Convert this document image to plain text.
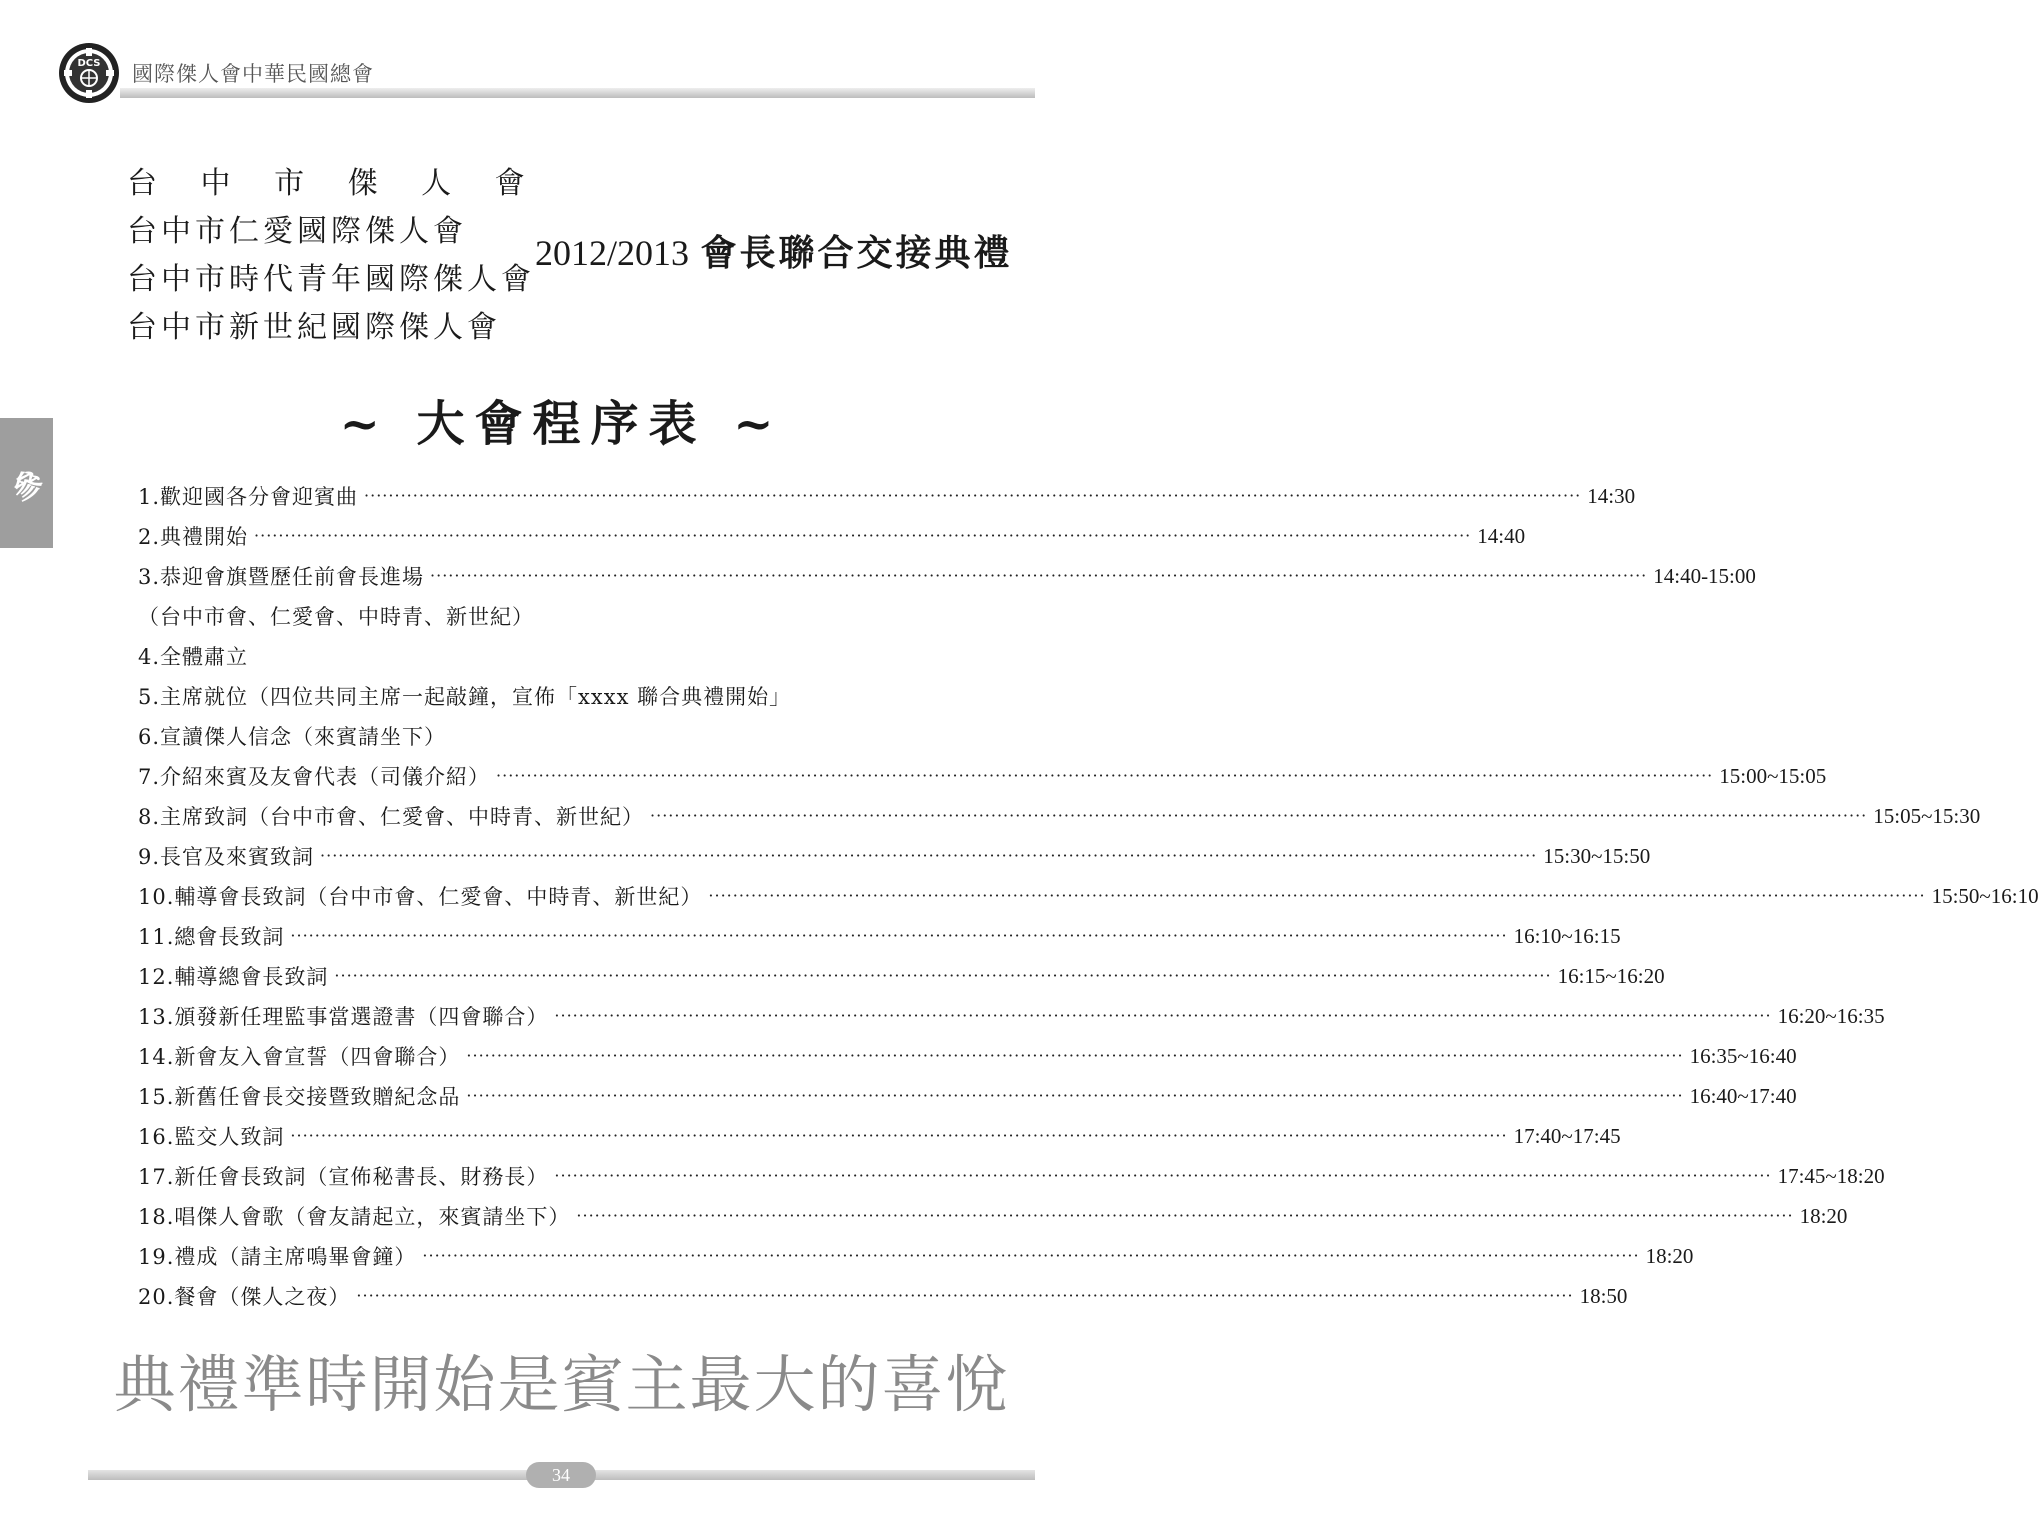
DCS 國際傑人會中華民國總會
參
台 中 市 傑 人 會
台中市仁愛國際傑人會
台中市時代青年國際傑人會
台中市新世紀國際傑人會
2012/2013 會長聯合交接典禮
~ 大會程序表 ~
1.歡迎國各分會迎賓曲 ········································································································································································································ 14:30
2.典禮開始 ········································································································································································································ 14:40
3.恭迎會旗暨歷任前會長進場 ········································································································································································································ 14:40-15:00
（台中市會、仁愛會、中時青、新世紀）
4.全體肅立
5.主席就位（四位共同主席一起敲鐘，宣佈「xxxx 聯合典禮開始」
6.宣讀傑人信念（來賓請坐下）
7.介紹來賓及友會代表（司儀介紹） ········································································································································································································ 15:00~15:05
8.主席致詞（台中市會、仁愛會、中時青、新世紀） ········································································································································································································ 15:05~15:30
9.長官及來賓致詞 ········································································································································································································ 15:30~15:50
10.輔導會長致詞（台中市會、仁愛會、中時青、新世紀） ········································································································································································································ 15:50~16:10
11.總會長致詞 ········································································································································································································ 16:10~16:15
12.輔導總會長致詞 ········································································································································································································ 16:15~16:20
13.頒發新任理監事當選證書（四會聯合） ········································································································································································································ 16:20~16:35
14.新會友入會宣誓（四會聯合） ········································································································································································································ 16:35~16:40
15.新舊任會長交接暨致贈紀念品 ········································································································································································································ 16:40~17:40
16.監交人致詞 ········································································································································································································ 17:40~17:45
17.新任會長致詞（宣佈秘書長、財務長） ········································································································································································································ 17:45~18:20
18.唱傑人會歌（會友請起立，來賓請坐下） ········································································································································································································ 18:20
19.禮成（請主席鳴畢會鐘） ········································································································································································································ 18:20
20.餐會（傑人之夜） ········································································································································································································ 18:50
典禮準時開始是賓主最大的喜悅
34
